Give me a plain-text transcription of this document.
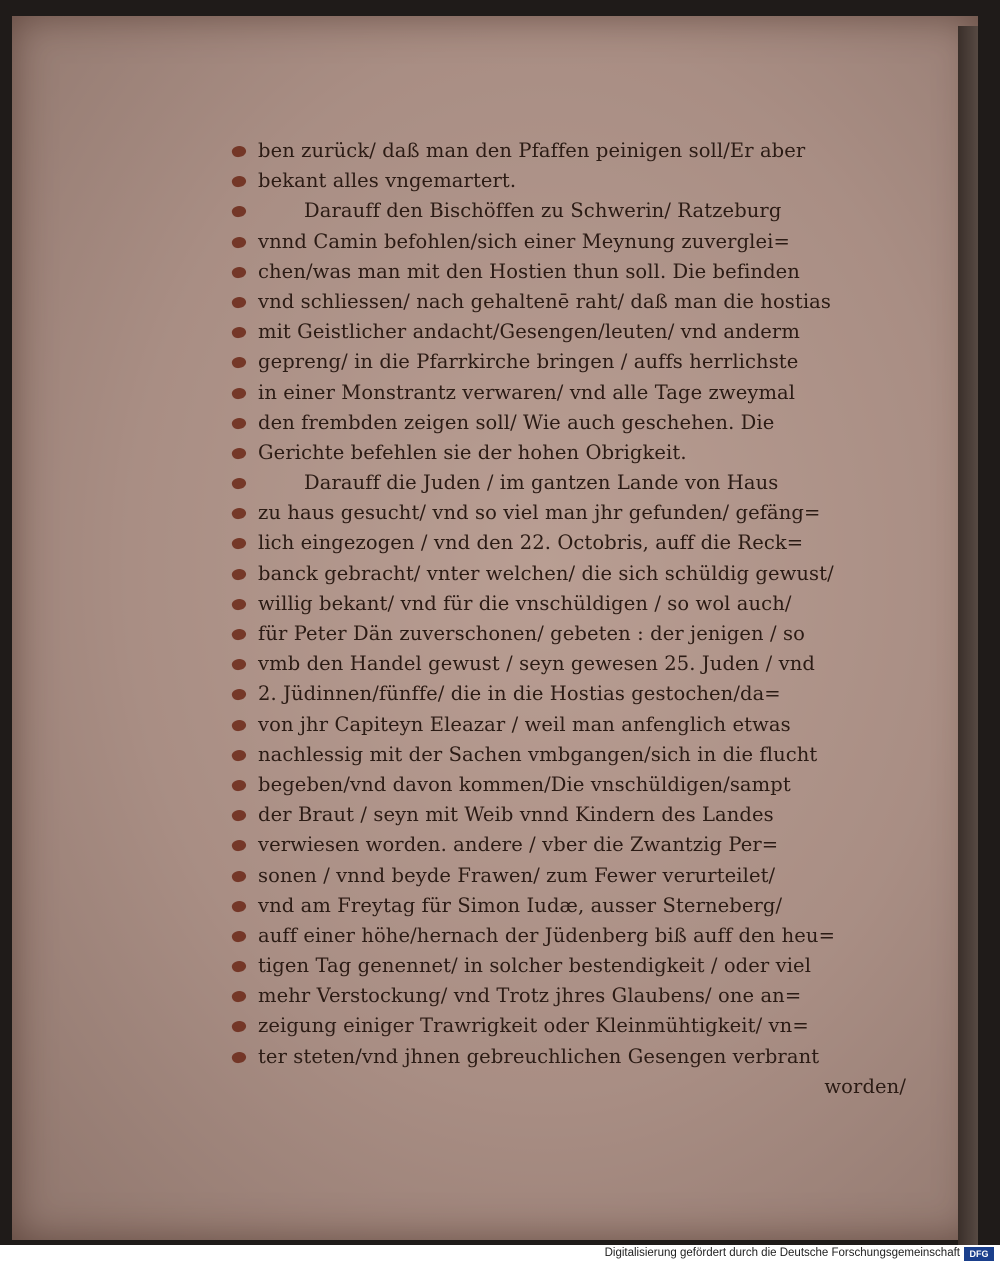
ben zurück/ daß man den Pfaffen peinigen soll/Er aber
bekant alles vngemartert.
Darauff den Bischöffen zu Schwerin/ Ratzeburg
vnnd Camin befohlen/sich einer Meynung zuverglei=
chen/was man mit den Hostien thun soll. Die befinden
vnd schliessen/ nach gehaltenē raht/ daß man die hostias
mit Geistlicher andacht/Gesengen/leuten/ vnd anderm
gepreng/ in die Pfarrkirche bringen / auffs herrlichste
in einer Monstrantz verwaren/ vnd alle Tage zweymal
den frembden zeigen soll/ Wie auch geschehen. Die
Gerichte befehlen sie der hohen Obrigkeit.
Darauff die Juden / im gantzen Lande von Haus
zu haus gesucht/ vnd so viel man jhr gefunden/ gefäng=
lich eingezogen / vnd den 22. Octobris, auff die Reck=
banck gebracht/ vnter welchen/ die sich schüldig gewust/
willig bekant/ vnd für die vnschüldigen / so wol auch/
für Peter Dän zuverschonen/ gebeten : der jenigen / so
vmb den Handel gewust / seyn gewesen 25. Juden / vnd
2. Jüdinnen/fünffe/ die in die Hostias gestochen/da=
von jhr Capiteyn Eleazar / weil man anfenglich etwas
nachlessig mit der Sachen vmbgangen/sich in die flucht
begeben/vnd davon kommen/Die vnschüldigen/sampt
der Braut / seyn mit Weib vnnd Kindern des Landes
verwiesen worden. andere / vber die Zwantzig Per=
sonen / vnnd beyde Frawen/ zum Fewer verurteilet/
vnd am Freytag für Simon Iudæ, ausser Sterneberg/
auff einer höhe/hernach der Jüdenberg biß auff den heu=
tigen Tag genennet/ in solcher bestendigkeit / oder viel
mehr Verstockung/ vnd Trotz jhres Glaubens/ one an=
zeigung einiger Trawrigkeit oder Kleinmühtigkeit/ vn=
ter steten/vnd jhnen gebreuchlichen Gesengen verbrant
worden/
Digitalisierung gefördert durch die Deutsche Forschungsgemeinschaft	DFG
